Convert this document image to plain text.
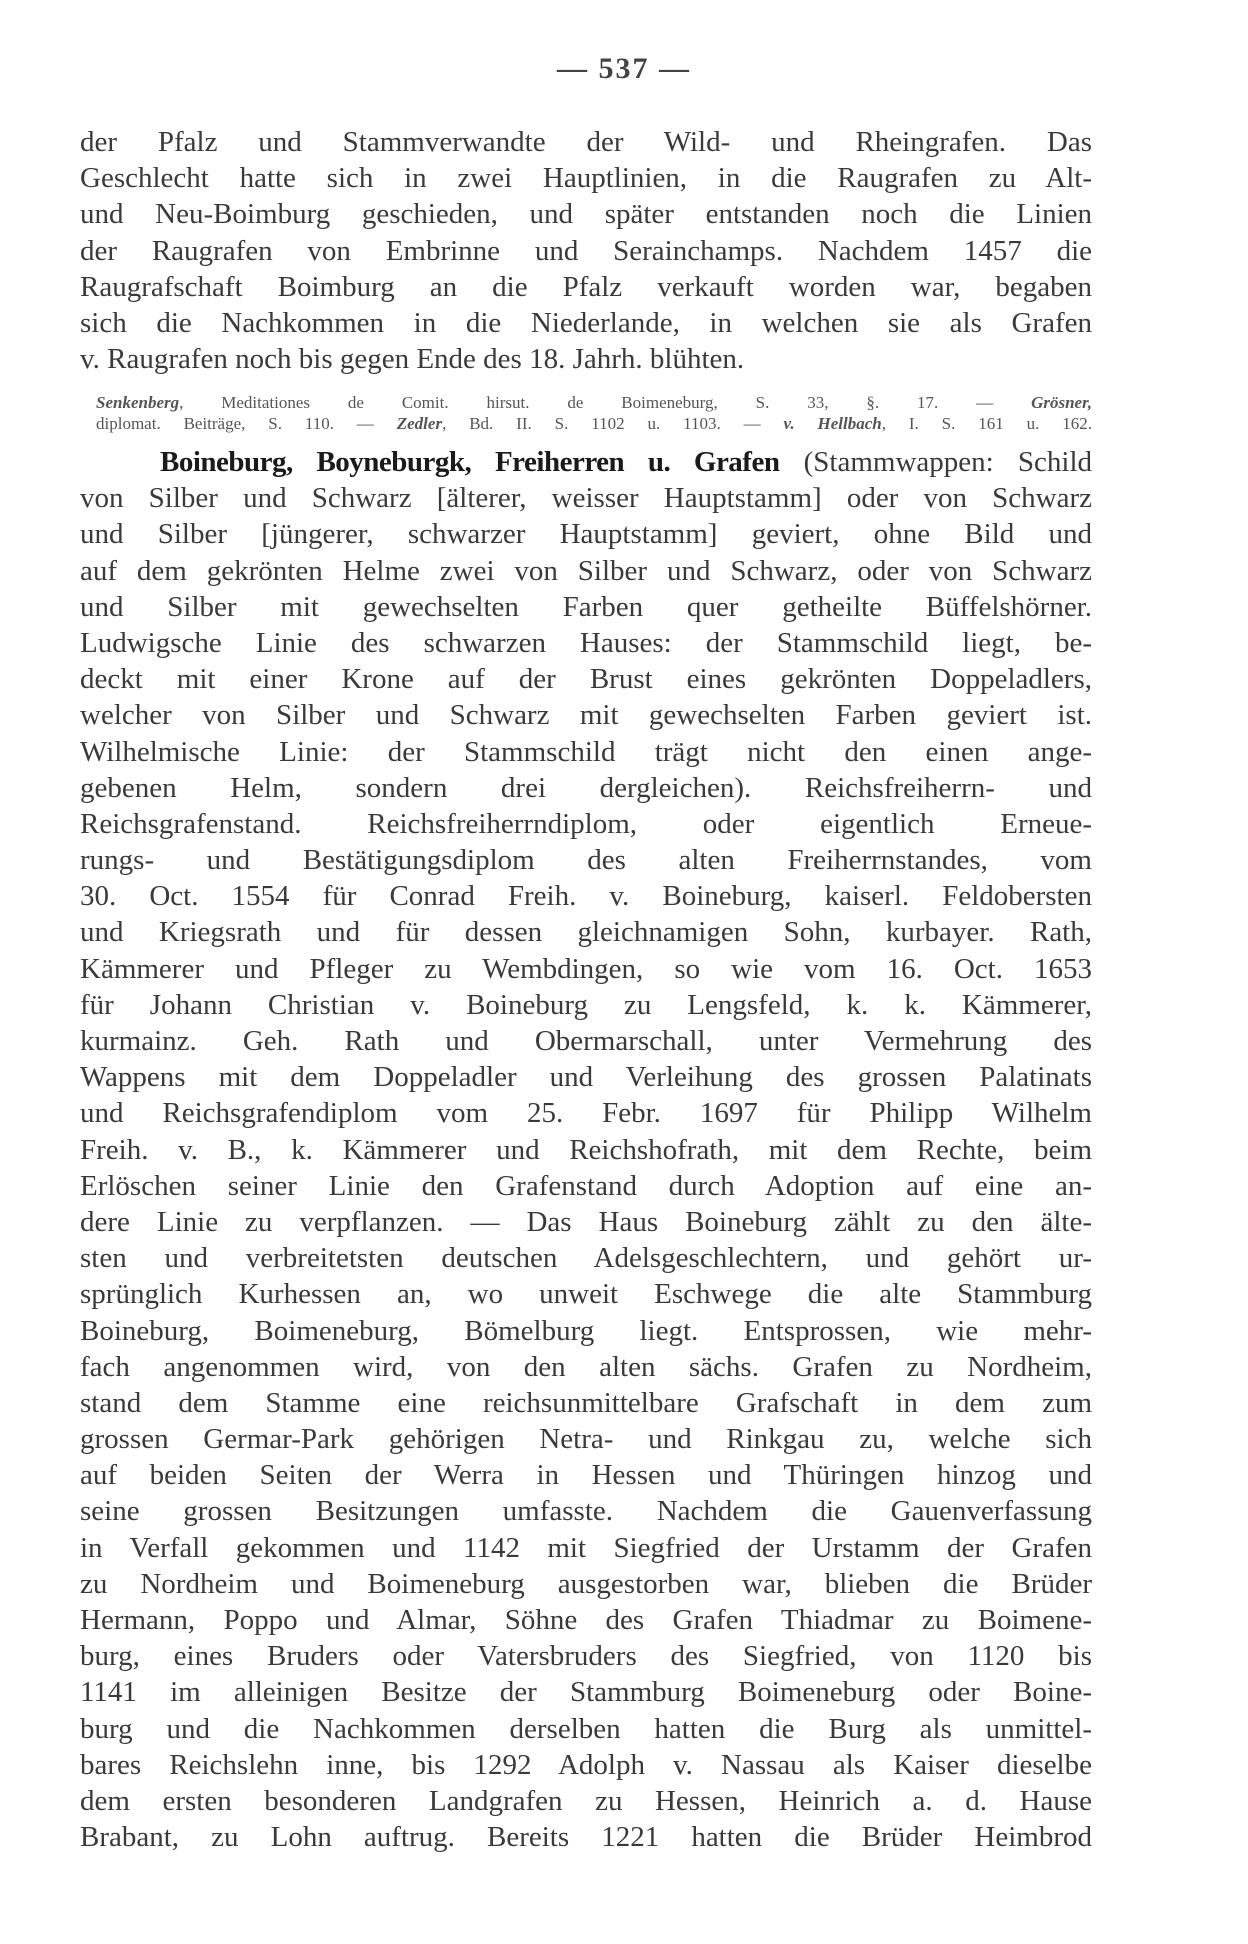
— 537 —
der Pfalz und Stammverwandte der Wild- und Rheingrafen. Das
Geschlecht hatte sich in zwei Hauptlinien, in die Raugrafen zu Alt-
und Neu-Boimburg geschieden, und später entstanden noch die Linien
der Raugrafen von Embrinne und Serainchamps. Nachdem 1457 die
Raugrafschaft Boimburg an die Pfalz verkauft worden war, begaben
sich die Nachkommen in die Niederlande, in welchen sie als Grafen
v. Raugrafen noch bis gegen Ende des 18. Jahrh. blühten.
Senkenberg, Meditationes de Comit. hirsut. de Boimeneburg, S. 33, §. 17. — Grösner,
diplomat. Beiträge, S. 110. — Zedler, Bd. II. S. 1102 u. 1103. — v. Hellbach, I. S. 161 u. 162.
Boineburg, Boyneburgk, Freiherren u. Grafen (Stammwappen: Schild
von Silber und Schwarz [älterer, weisser Hauptstamm] oder von Schwarz
und Silber [jüngerer, schwarzer Hauptstamm] geviert, ohne Bild und
auf dem gekrönten Helme zwei von Silber und Schwarz, oder von Schwarz
und Silber mit gewechselten Farben quer getheilte Büffelshörner.
Ludwigsche Linie des schwarzen Hauses: der Stammschild liegt, be-
deckt mit einer Krone auf der Brust eines gekrönten Doppeladlers,
welcher von Silber und Schwarz mit gewechselten Farben geviert ist.
Wilhelmische Linie: der Stammschild trägt nicht den einen ange-
gebenen Helm, sondern drei dergleichen). Reichsfreiherrn- und
Reichsgrafenstand. Reichsfreiherrndiplom, oder eigentlich Erneue-
rungs- und Bestätigungsdiplom des alten Freiherrnstandes, vom
30. Oct. 1554 für Conrad Freih. v. Boineburg, kaiserl. Feldobersten
und Kriegsrath und für dessen gleichnamigen Sohn, kurbayer. Rath,
Kämmerer und Pfleger zu Wembdingen, so wie vom 16. Oct. 1653
für Johann Christian v. Boineburg zu Lengsfeld, k. k. Kämmerer,
kurmainz. Geh. Rath und Obermarschall, unter Vermehrung des
Wappens mit dem Doppeladler und Verleihung des grossen Palatinats
und Reichsgrafendiplom vom 25. Febr. 1697 für Philipp Wilhelm
Freih. v. B., k. Kämmerer und Reichshofrath, mit dem Rechte, beim
Erlöschen seiner Linie den Grafenstand durch Adoption auf eine an-
dere Linie zu verpflanzen. — Das Haus Boineburg zählt zu den älte-
sten und verbreitetsten deutschen Adelsgeschlechtern, und gehört ur-
sprünglich Kurhessen an, wo unweit Eschwege die alte Stammburg
Boineburg, Boimeneburg, Bömelburg liegt. Entsprossen, wie mehr-
fach angenommen wird, von den alten sächs. Grafen zu Nordheim,
stand dem Stamme eine reichsunmittelbare Grafschaft in dem zum
grossen Germar-Park gehörigen Netra- und Rinkgau zu, welche sich
auf beiden Seiten der Werra in Hessen und Thüringen hinzog und
seine grossen Besitzungen umfasste. Nachdem die Gauenverfassung
in Verfall gekommen und 1142 mit Siegfried der Urstamm der Grafen
zu Nordheim und Boimeneburg ausgestorben war, blieben die Brüder
Hermann, Poppo und Almar, Söhne des Grafen Thiadmar zu Boimene-
burg, eines Bruders oder Vatersbruders des Siegfried, von 1120 bis
1141 im alleinigen Besitze der Stammburg Boimeneburg oder Boine-
burg und die Nachkommen derselben hatten die Burg als unmittel-
bares Reichslehn inne, bis 1292 Adolph v. Nassau als Kaiser dieselbe
dem ersten besonderen Landgrafen zu Hessen, Heinrich a. d. Hause
Brabant, zu Lohn auftrug. Bereits 1221 hatten die Brüder Heimbrod
